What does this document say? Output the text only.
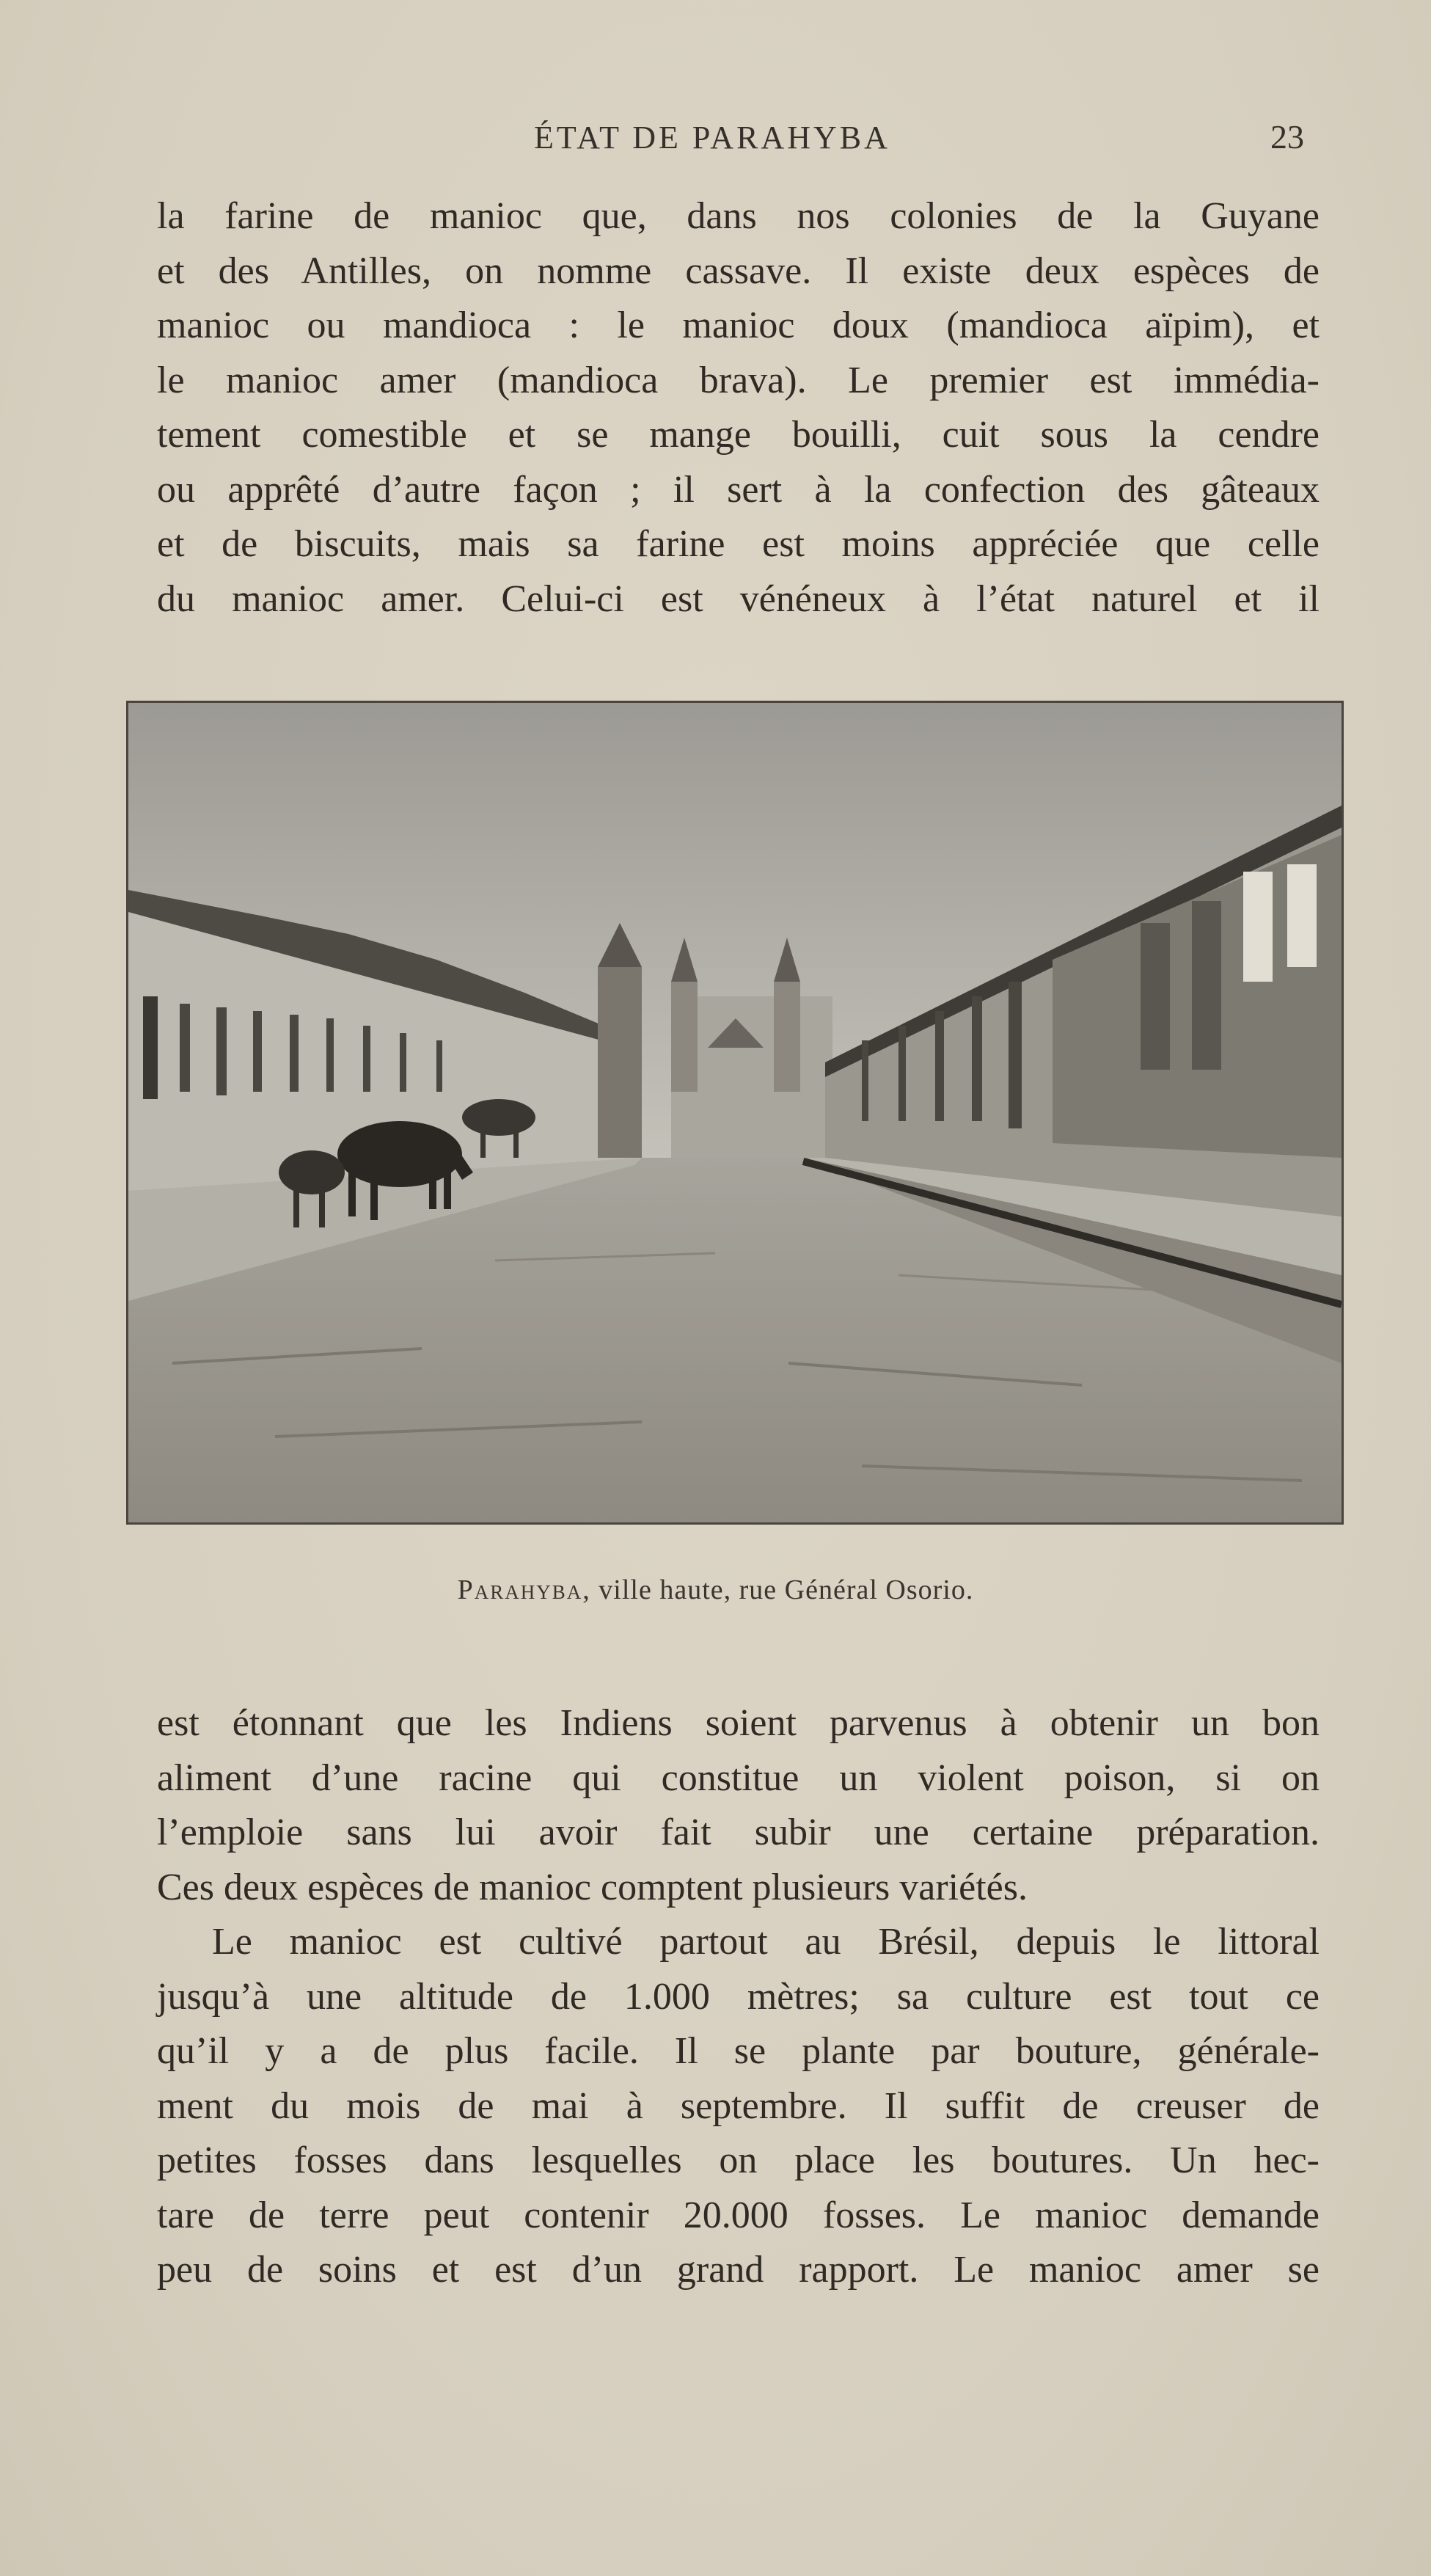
ÉTAT DE PARAHYBA	23
la farine de manioc que, dans nos colonies de la Guyane
et des Antilles, on nomme cassave. Il existe deux espèces de
manioc ou mandioca : le manioc doux (mandioca aïpim), et
le manioc amer (mandioca brava). Le premier est immédia-
tement comestible et se mange bouilli, cuit sous la cendre
ou apprêté d’autre façon ; il sert à la confection des gâteaux
et de biscuits, mais sa farine est moins appréciée que celle
du manioc amer. Celui-ci est vénéneux à l’état naturel et il
Parahyba, ville haute, rue Général Osorio.
est étonnant que les Indiens soient parvenus à obtenir un bon
aliment d’une racine qui constitue un violent poison, si on
l’emploie sans lui avoir fait subir une certaine préparation.
Ces deux espèces de manioc comptent plusieurs variétés.
Le manioc est cultivé partout au Brésil, depuis le littoral
jusqu’à une altitude de 1.000 mètres; sa culture est tout ce
qu’il y a de plus facile. Il se plante par bouture, générale-
ment du mois de mai à septembre. Il suffit de creuser de
petites fosses dans lesquelles on place les boutures. Un hec-
tare de terre peut contenir 20.000 fosses. Le manioc demande
peu de soins et est d’un grand rapport. Le manioc amer se
